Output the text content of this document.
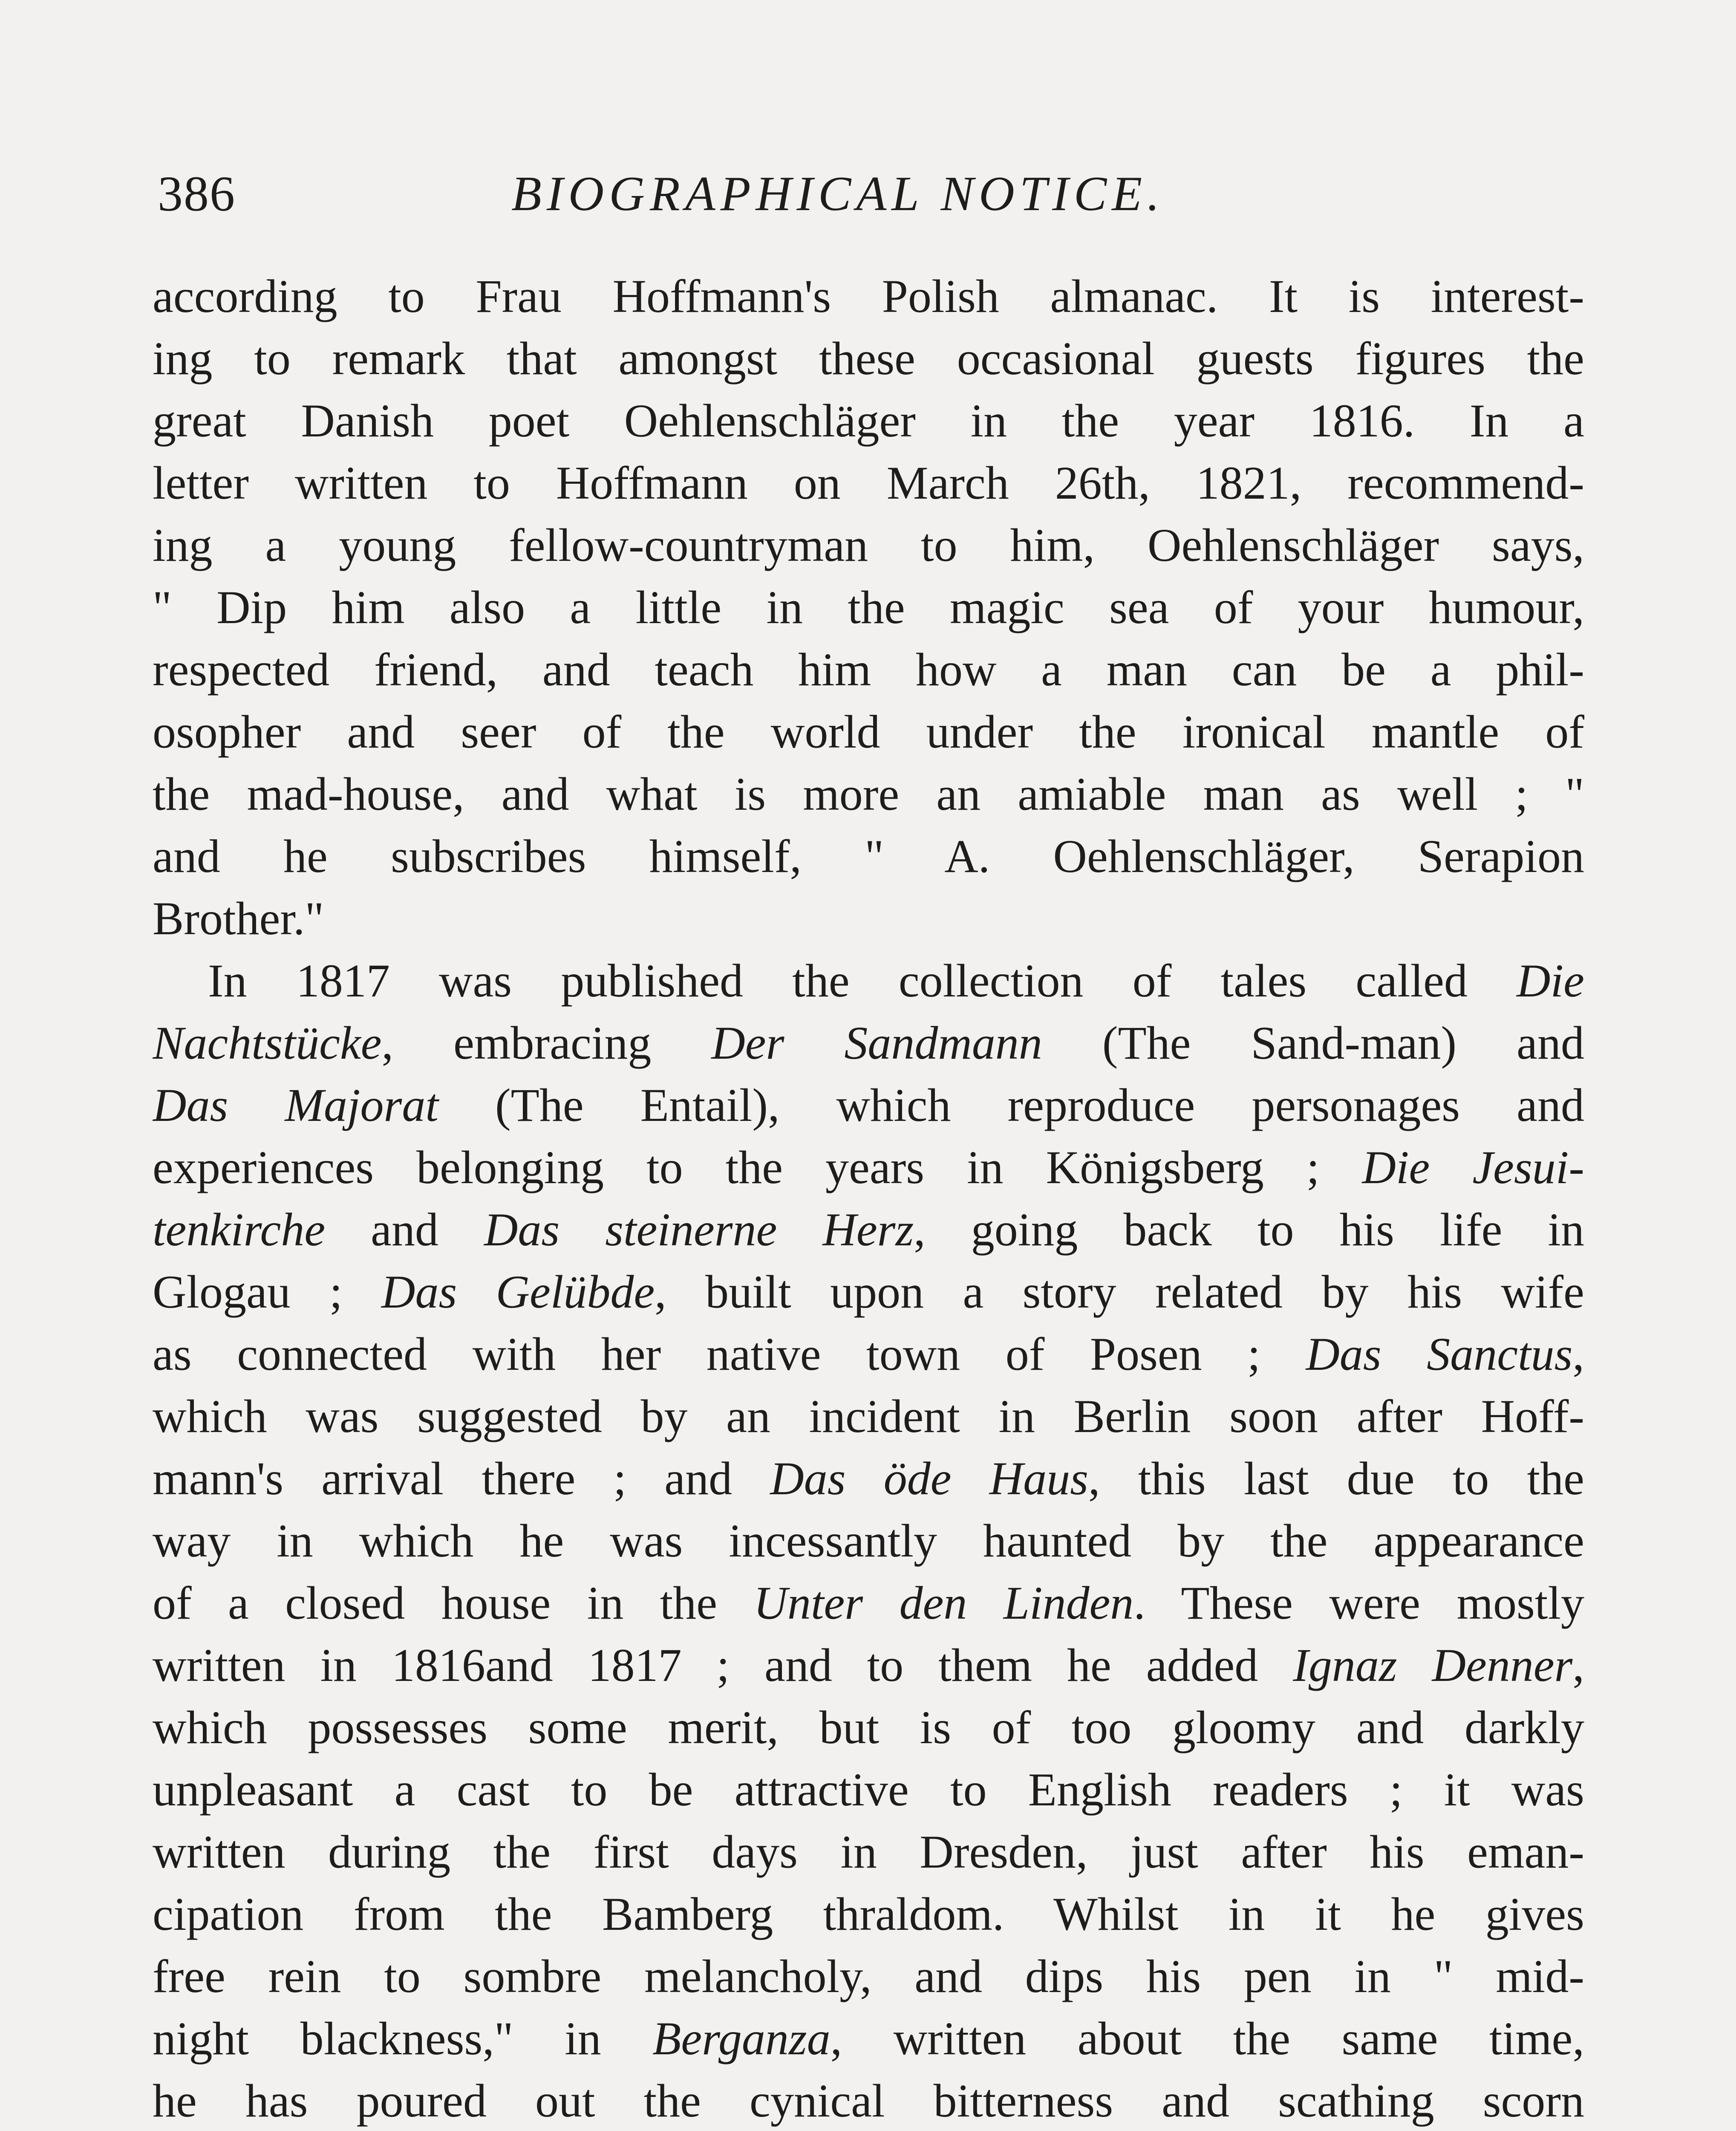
386	BIOGRAPHICAL NOTICE.
according to Frau Hoffmann's Polish almanac. It is interest-
ing to remark that amongst these occasional guests figures the
great Danish poet Oehlenschläger in the year 1816. In a
letter written to Hoffmann on March 26th, 1821, recommend-
ing a young fellow-countryman to him, Oehlenschläger says,
" Dip him also a little in the magic sea of your humour,
respected friend, and teach him how a man can be a phil-
osopher and seer of the world under the ironical mantle of
the mad-house, and what is more an amiable man as well ; "
and he subscribes himself, " A. Oehlenschläger, Serapion
Brother."
In 1817 was published the collection of tales called Die
Nachtstücke, embracing Der Sandmann (The Sand-man) and
Das Majorat (The Entail), which reproduce personages and
experiences belonging to the years in Königsberg ; Die Jesui-
tenkirche and Das steinerne Herz, going back to his life in
Glogau ; Das Gelübde, built upon a story related by his wife
as connected with her native town of Posen ; Das Sanctus,
which was suggested by an incident in Berlin soon after Hoff-
mann's arrival there ; and Das öde Haus, this last due to the
way in which he was incessantly haunted by the appearance
of a closed house in the Unter den Linden. These were mostly
written in 1816and 1817 ; and to them he added Ignaz Denner,
which possesses some merit, but is of too gloomy and darkly
unpleasant a cast to be attractive to English readers ; it was
written during the first days in Dresden, just after his eman-
cipation from the Bamberg thraldom. Whilst in it he gives
free rein to sombre melancholy, and dips his pen in " mid-
night blackness," in Berganza, written about the same time,
he has poured out the cynical bitterness and scathing scorn
